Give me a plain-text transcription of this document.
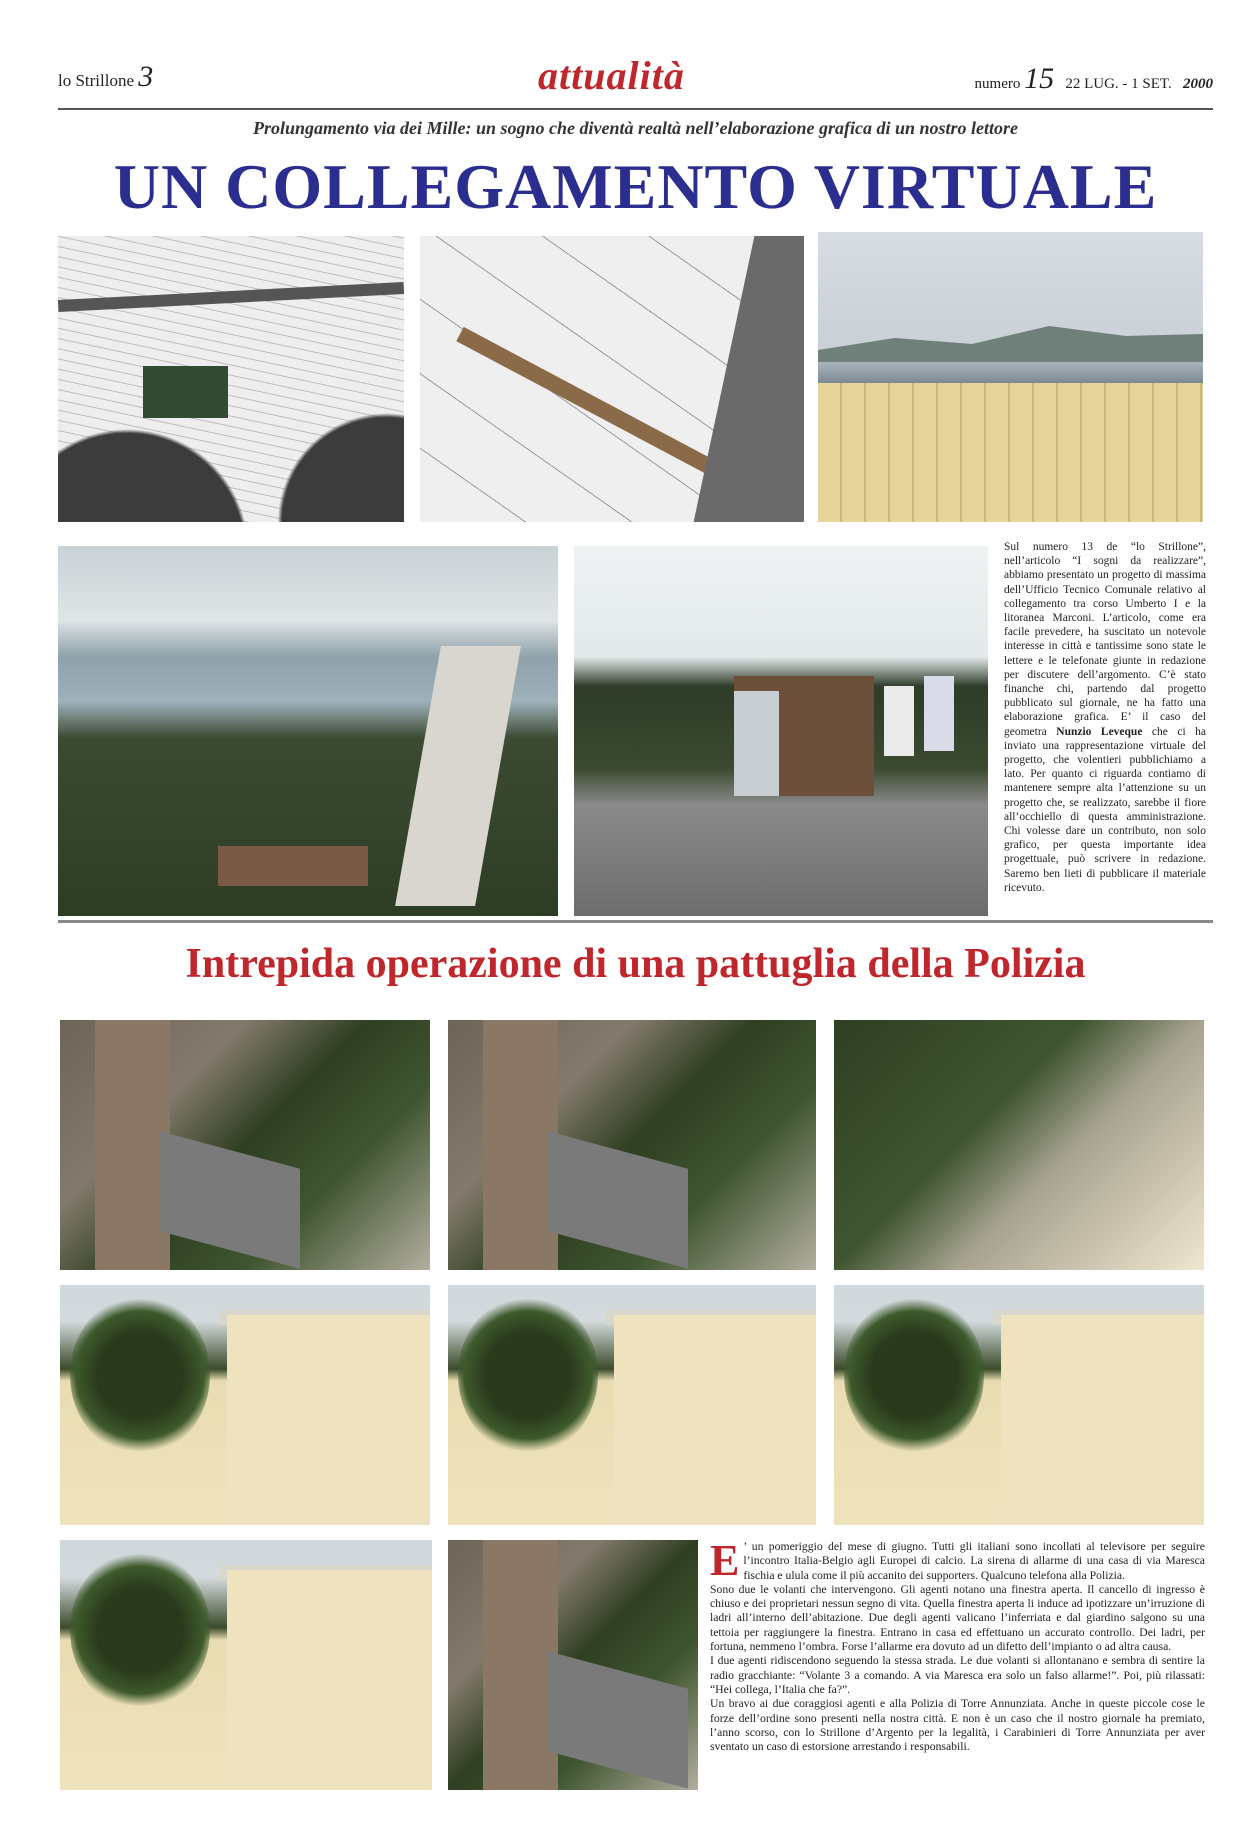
lo Strillone 3	attualità	numero 15 22 LUG. - 1 SET. 2000
Prolungamento via dei Mille: un sogno che diventà realtà nell’elaborazione grafica di un nostro lettore
UN COLLEGAMENTO VIRTUALE
Sul numero 13 de “lo Strillone”, nell’articolo “I sogni da realizzare”, abbiamo presentato un progetto di massima dell’Ufficio Tecnico Comunale relativo al collegamento tra corso Umberto I e la litoranea Marconi. L’articolo, come era facile prevedere, ha suscitato un notevole interesse in città e tantissime sono state le lettere e le telefonate giunte in redazione per discutere dell’argomento. C’è stato finanche chi, partendo dal progetto pubblicato sul giornale, ne ha fatto una elaborazione grafica. E’ il caso del geometra Nunzio Leveque che ci ha inviato una rappresentazione virtuale del progetto, che volentieri pubblichiamo a lato. Per quanto ci riguarda contiamo di mantenere sempre alta l’attenzione su un progetto che, se realizzato, sarebbe il fiore all’occhiello di questa amministrazione. Chi volesse dare un contributo, non solo grafico, per questa importante idea progettuale, può scrivere in redazione. Saremo ben lieti di pubblicare il materiale ricevuto.
Intrepida operazione di una pattuglia della Polizia
E ’ un pomeriggio del mese di giugno. Tutti gli italiani sono incollati al televisore per seguire l’incontro Italia-Belgio agli Europei di calcio. La sirena di allarme di una casa di via Maresca fischia e ulula come il più accanito dei supporters. Qualcuno telefona alla Polizia.

Sono due le volanti che intervengono. Gli agenti notano una finestra aperta. Il cancello di ingresso è chiuso e dei proprietari nessun segno di vita. Quella finestra aperta li induce ad ipotizzare un’irruzione di ladri all’interno dell’abitazione. Due degli agenti valicano l’inferriata e dal giardino salgono su una tettoia per raggiungere la finestra. Entrano in casa ed effettuano un accurato controllo. Dei ladri, per fortuna, nemmeno l’ombra. Forse l’allarme era dovuto ad un difetto dell’impianto o ad altra causa.

I due agenti ridiscendono seguendo la stessa strada. Le due volanti si allontanano e sembra di sentire la radio gracchiante: “Volante 3 a comando. A via Maresca era solo un falso allarme!”. Poi, più rilassati: “Hei collega, l’Italia che fa?”.

Un bravo ai due coraggiosi agenti e alla Polizia di Torre Annunziata. Anche in queste piccole cose le forze dell’ordine sono presenti nella nostra città. E non è un caso che il nostro giornale ha premiato, l’anno scorso, con lo Strillone d’Argento per la legalità, i Carabinieri di Torre Annunziata per aver sventato un caso di estorsione arrestando i responsabili.
